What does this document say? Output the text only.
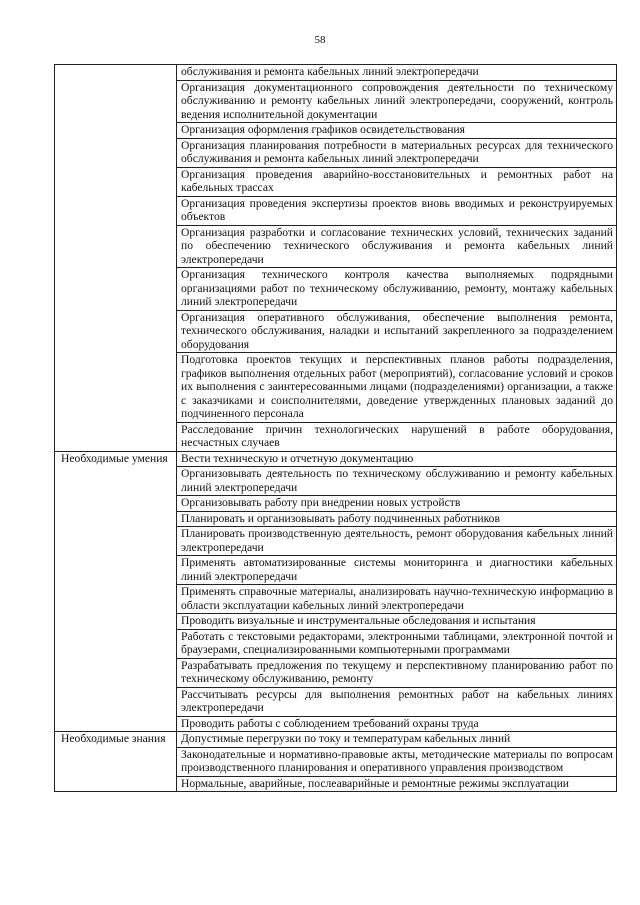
58
	обслуживания и ремонта кабельных линий электропередачи
	Организация документационного сопровождения деятельности по техническому обслуживанию и ремонту кабельных линий электропередачи, сооружений, контроль ведения исполнительной документации
	Организация оформления графиков освидетельствования
	Организация планирования потребности в материальных ресурсах для технического обслуживания и ремонта кабельных линий электропередачи
	Организация проведения аварийно-восстановительных и ремонтных работ на кабельных трассах
	Организация проведения экспертизы проектов вновь вводимых и реконструируемых объектов
	Организация разработки и согласование технических условий, технических заданий по обеспечению технического обслуживания и ремонта кабельных линий электропередачи
	Организация технического контроля качества выполняемых подрядными организациями работ по техническому обслуживанию, ремонту, монтажу кабельных линий электропередачи
	Организация оперативного обслуживания, обеспечение выполнения ремонта, технического обслуживания, наладки и испытаний закрепленного за подразделением оборудования
	Подготовка проектов текущих и перспективных планов работы подразделения, графиков выполнения отдельных работ (мероприятий), согласование условий и сроков их выполнения с заинтересованными лицами (подразделениями) организации, а также с заказчиками и соисполнителями, доведение утвержденных плановых заданий до подчиненного персонала
	Расследование причин технологических нарушений в работе оборудования, несчастных случаев
Необходимые умения	Вести техническую и отчетную документацию
	Организовывать деятельность по техническому обслуживанию и ремонту кабельных линий электропередачи
	Организовывать работу при внедрении новых устройств
	Планировать и организовывать работу подчиненных работников
	Планировать производственную деятельность, ремонт оборудования кабельных линий электропередачи
	Применять автоматизированные системы мониторинга и диагностики кабельных линий электропередачи
	Применять справочные материалы, анализировать научно-техническую информацию в области эксплуатации кабельных линий электропередачи
	Проводить визуальные и инструментальные обследования и испытания
	Работать с текстовыми редакторами, электронными таблицами, электронной почтой и браузерами, специализированными компьютерными программами
	Разрабатывать предложения по текущему и перспективному планированию работ по техническому обслуживанию, ремонту
	Рассчитывать ресурсы для выполнения ремонтных работ на кабельных линиях электропередачи
	Проводить работы с соблюдением требований охраны труда
Необходимые знания	Допустимые перегрузки по току и температурам кабельных линий
	Законодательные и нормативно-правовые акты, методические материалы по вопросам производственного планирования и оперативного управления производством
	Нормальные, аварийные, послеаварийные и ремонтные режимы эксплуатации
